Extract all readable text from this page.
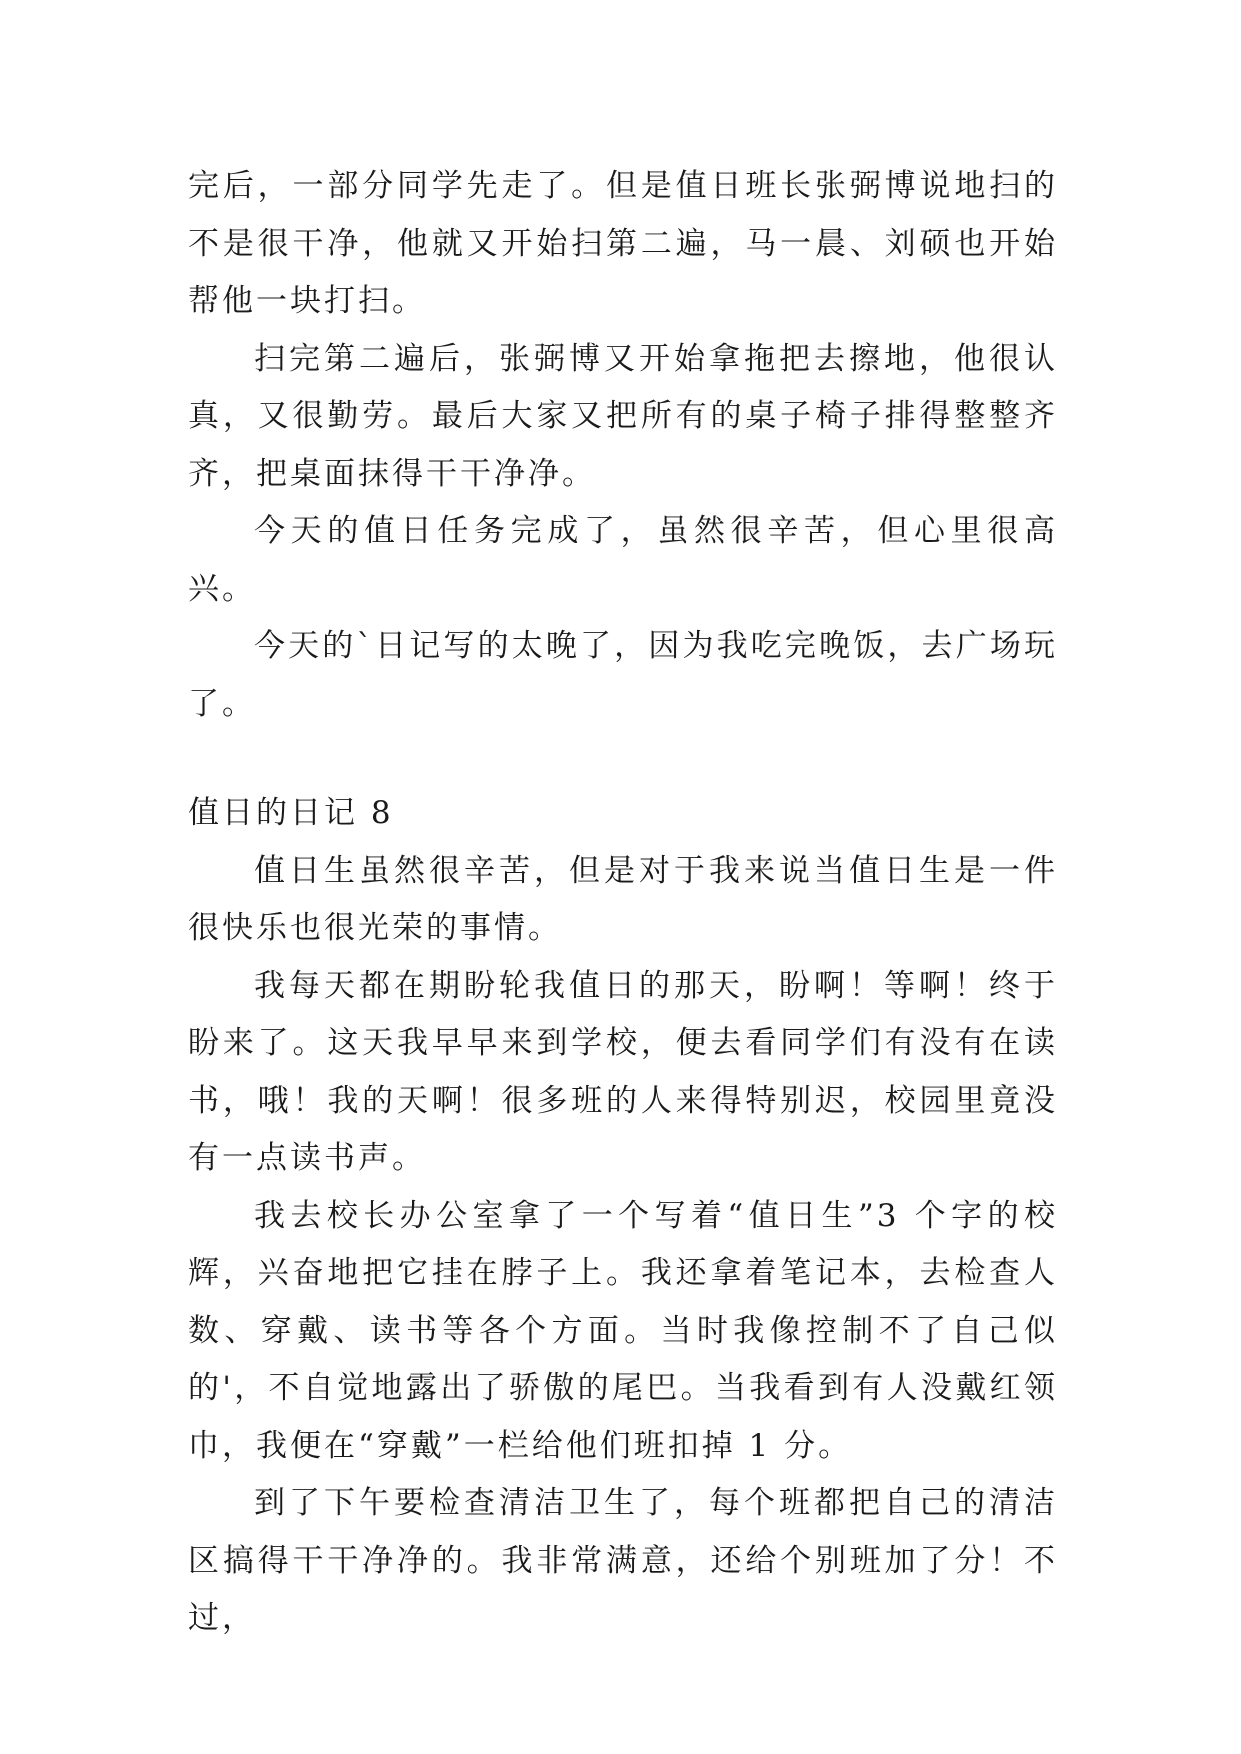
完后，一部分同学先走了。但是值日班长张弼博说地扫的不是很干净，他就又开始扫第二遍，马一晨、刘硕也开始帮他一块打扫。

扫完第二遍后，张弼博又开始拿拖把去擦地，他很认真，又很勤劳。最后大家又把所有的桌子椅子排得整整齐齐，把桌面抹得干干净净。

今天的值日任务完成了，虽然很辛苦，但心里很高兴。

今天的`日记写的太晚了，因为我吃完晚饭，去广场玩了。

值日的日记 8

值日生虽然很辛苦，但是对于我来说当值日生是一件很快乐也很光荣的事情。

我每天都在期盼轮我值日的那天，盼啊！等啊！终于盼来了。这天我早早来到学校，便去看同学们有没有在读书，哦！我的天啊！很多班的人来得特别迟，校园里竟没有一点读书声。

我去校长办公室拿了一个写着“值日生”3 个字的校辉，兴奋地把它挂在脖子上。我还拿着笔记本，去检查人数、穿戴、读书等各个方面。当时我像控制不了自己似的'，不自觉地露出了骄傲的尾巴。当我看到有人没戴红领巾，我便在“穿戴”一栏给他们班扣掉 1 分。

到了下午要检查清洁卫生了，每个班都把自己的清洁区搞得干干净净的。我非常满意，还给个别班加了分！不过，
